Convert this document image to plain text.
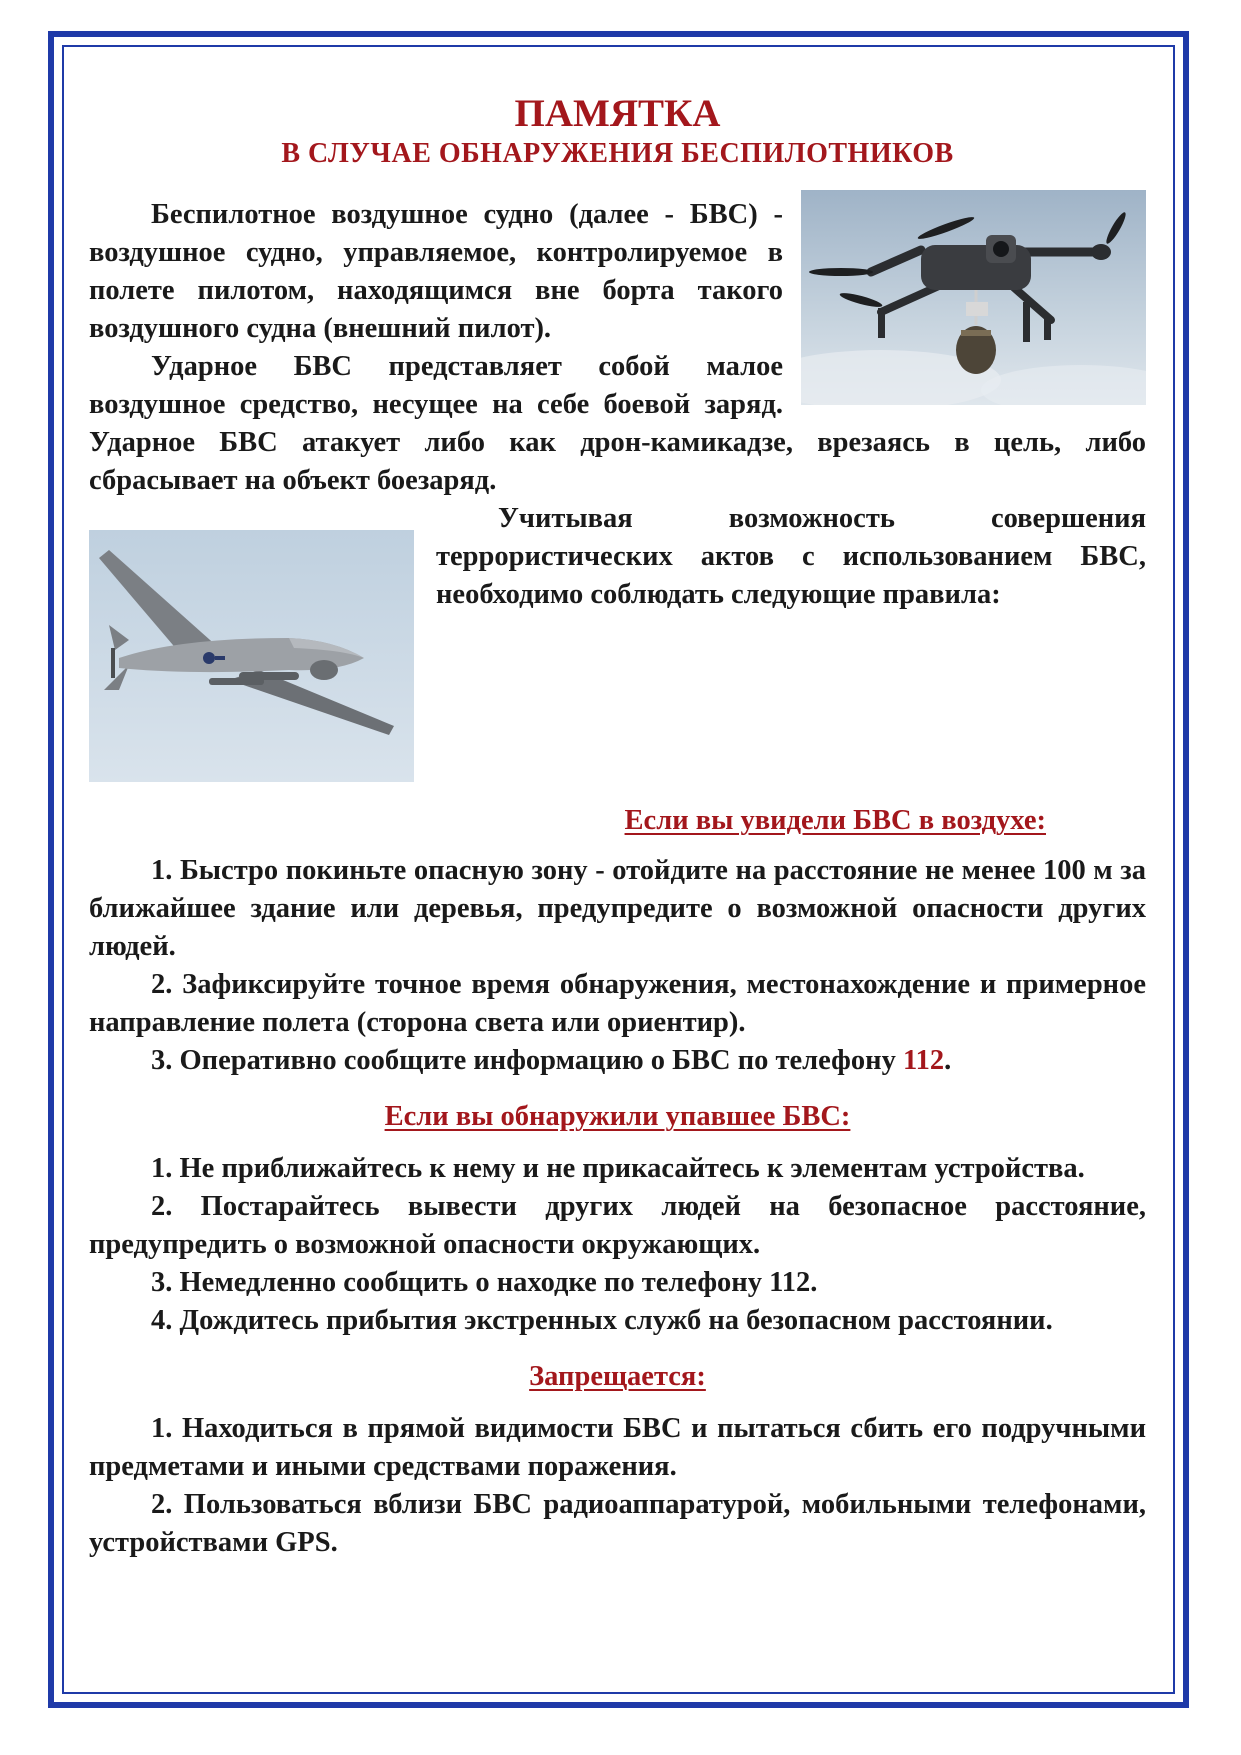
ПАМЯТКА
В СЛУЧАЕ ОБНАРУЖЕНИЯ БЕСПИЛОТНИКОВ

Беспилотное воздушное судно (далее - БВС) - воздушное судно, управляемое, контролируемое в полете пилотом, находящимся вне борта такого воздушного судна (внешний пилот).

Ударное БВС представляет собой малое воздушное средство, несущее на себе боевой заряд. Ударное БВС атакует либо как дрон-камикадзе, врезаясь в цель, либо сбрасывает на объект боезаряд.

Учитывая возможность совершения террористических актов с использованием БВС, необходимо соблюдать следующие правила:

Если вы увидели БВС в воздухе:

1. Быстро покиньте опасную зону - отойдите на расстояние не менее 100 м за ближайшее здание или деревья, предупредите о возможной опасности других людей.

2. Зафиксируйте точное время обнаружения, местонахождение и примерное направление полета (сторона света или ориентир).

3. Оперативно сообщите информацию о БВС по телефону 112.

Если вы обнаружили упавшее БВС:

1. Не приближайтесь к нему и не прикасайтесь к элементам устройства.

2. Постарайтесь вывести других людей на безопасное расстояние, предупредить о возможной опасности окружающих.

3. Немедленно сообщить о находке по телефону 112.

4. Дождитесь прибытия экстренных служб на безопасном расстоянии.

Запрещается:

1. Находиться в прямой видимости БВС и пытаться сбить его подручными предметами и иными средствами поражения.

2. Пользоваться вблизи БВС радиоаппаратурой, мобильными телефонами, устройствами GPS.
